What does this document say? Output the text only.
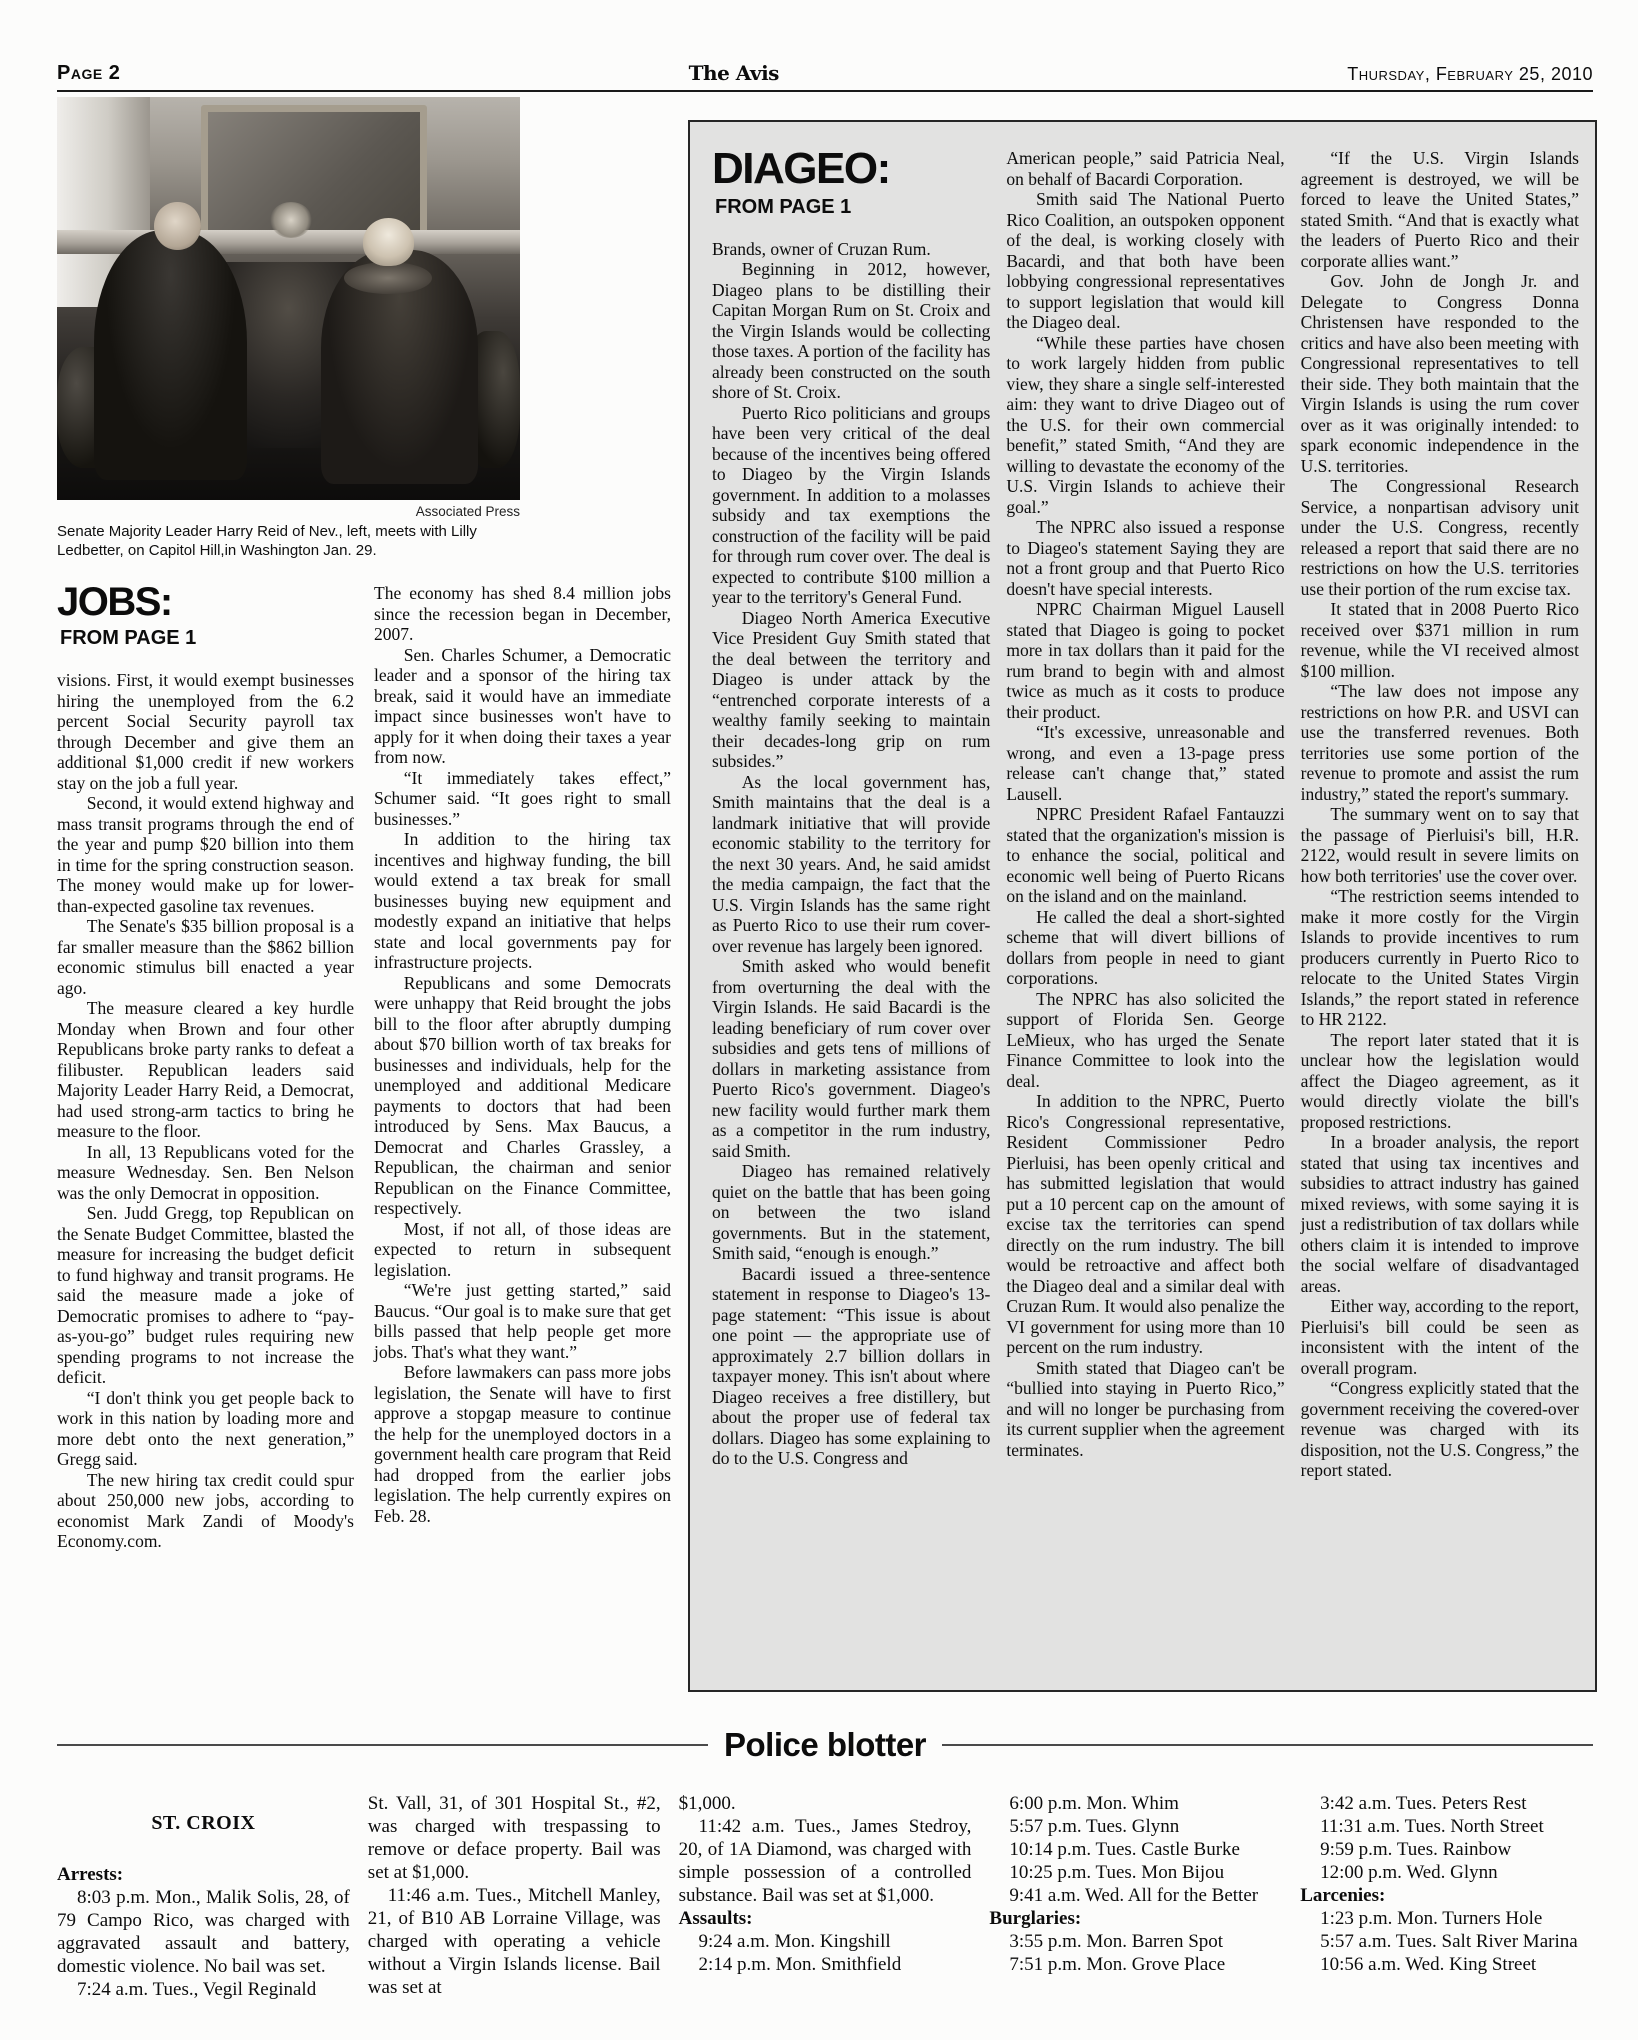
Page 2	The Avis	Thursday, February 25, 2010
Associated Press
Senate Majority Leader Harry Reid of Nev., left, meets with Lilly Ledbetter, on Capitol Hill,in Washington Jan. 29.
JOBS:
FROM PAGE 1

visions. First, it would exempt businesses hiring the unemployed from the 6.2 percent Social Security payroll tax through December and give them an additional $1,000 credit if new workers stay on the job a full year.

Second, it would extend highway and mass transit programs through the end of the year and pump $20 billion into them in time for the spring construction season. The money would make up for lower-than-expected gasoline tax revenues.

The Senate's $35 billion proposal is a far smaller measure than the $862 billion economic stimulus bill enacted a year ago.

The measure cleared a key hurdle Monday when Brown and four other Republicans broke party ranks to defeat a filibuster. Republican leaders said Majority Leader Harry Reid, a Democrat, had used strong-arm tactics to bring he measure to the floor.

In all, 13 Republicans voted for the measure Wednesday. Sen. Ben Nelson was the only Democrat in opposition.

Sen. Judd Gregg, top Republican on the Senate Budget Committee, blasted the measure for increasing the budget deficit to fund highway and transit programs. He said the measure made a joke of Democratic promises to adhere to “pay-as-you-go” budget rules requiring new spending programs to not increase the deficit.

“I don't think you get people back to work in this nation by loading more and more debt onto the next generation,” Gregg said.

The new hiring tax credit could spur about 250,000 new jobs, according to economist Mark Zandi of Moody's Economy.com.

The economy has shed 8.4 million jobs since the recession began in December, 2007.

Sen. Charles Schumer, a Democratic leader and a sponsor of the hiring tax break, said it would have an immediate impact since businesses won't have to apply for it when doing their taxes a year from now.

“It immediately takes effect,” Schumer said. “It goes right to small businesses.”

In addition to the hiring tax incentives and highway funding, the bill would extend a tax break for small businesses buying new equipment and modestly expand an initiative that helps state and local governments pay for infrastructure projects.

Republicans and some Democrats were unhappy that Reid brought the jobs bill to the floor after abruptly dumping about $70 billion worth of tax breaks for businesses and individuals, help for the unemployed and additional Medicare payments to doctors that had been introduced by Sens. Max Baucus, a Democrat and Charles Grassley, a Republican, the chairman and senior Republican on the Finance Committee, respectively.

Most, if not all, of those ideas are expected to return in subsequent legislation.

“We're just getting started,” said Baucus. “Our goal is to make sure that get bills passed that help people get more jobs. That's what they want.”

Before lawmakers can pass more jobs legislation, the Senate will have to first approve a stopgap measure to continue the help for the unemployed doctors in a government health care program that Reid had dropped from the earlier jobs legislation. The help currently expires on Feb. 28.

DIAGEO:
FROM PAGE 1

Brands, owner of Cruzan Rum.

Beginning in 2012, however, Diageo plans to be distilling their Capitan Morgan Rum on St. Croix and the Virgin Islands would be collecting those taxes. A portion of the facility has already been constructed on the south shore of St. Croix.

Puerto Rico politicians and groups have been very critical of the deal because of the incentives being offered to Diageo by the Virgin Islands government. In addition to a molasses subsidy and tax exemptions the construction of the facility will be paid for through rum cover over. The deal is expected to contribute $100 million a year to the territory's General Fund.

Diageo North America Executive Vice President Guy Smith stated that the deal between the territory and Diageo is under attack by the “entrenched corporate interests of a wealthy family seeking to maintain their decades-long grip on rum subsides.”

As the local government has, Smith maintains that the deal is a landmark initiative that will provide economic stability to the territory for the next 30 years. And, he said amidst the media campaign, the fact that the U.S. Virgin Islands has the same right as Puerto Rico to use their rum cover-over revenue has largely been ignored.

Smith asked who would benefit from overturning the deal with the Virgin Islands. He said Bacardi is the leading beneficiary of rum cover over subsidies and gets tens of millions of dollars in marketing assistance from Puerto Rico's government. Diageo's new facility would further mark them as a competitor in the rum industry, said Smith.

Diageo has remained relatively quiet on the battle that has been going on between the two island governments. But in the statement, Smith said, “enough is enough.”

Bacardi issued a three-sentence statement in response to Diageo's 13-page statement: “This issue is about one point — the appropriate use of approximately 2.7 billion dollars in taxpayer money. This isn't about where Diageo receives a free distillery, but about the proper use of federal tax dollars. Diageo has some explaining to do to the U.S. Congress and

American people,” said Patricia Neal, on behalf of Bacardi Corporation.

Smith said The National Puerto Rico Coalition, an outspoken opponent of the deal, is working closely with Bacardi, and that both have been lobbying congressional representatives to support legislation that would kill the Diageo deal.

“While these parties have chosen to work largely hidden from public view, they share a single self-interested aim: they want to drive Diageo out of the U.S. for their own commercial benefit,” stated Smith, “And they are willing to devastate the economy of the U.S. Virgin Islands to achieve their goal.”

The NPRC also issued a response to Diageo's statement Saying they are not a front group and that Puerto Rico doesn't have special interests.

NPRC Chairman Miguel Lausell stated that Diageo is going to pocket more in tax dollars than it paid for the rum brand to begin with and almost twice as much as it costs to produce their product.

“It's excessive, unreasonable and wrong, and even a 13-page press release can't change that,” stated Lausell.

NPRC President Rafael Fantauzzi stated that the organization's mission is to enhance the social, political and economic well being of Puerto Ricans on the island and on the mainland.

He called the deal a short-sighted scheme that will divert billions of dollars from people in need to giant corporations.

The NPRC has also solicited the support of Florida Sen. George LeMieux, who has urged the Senate Finance Committee to look into the deal.

In addition to the NPRC, Puerto Rico's Congressional representative, Resident Commissioner Pedro Pierluisi, has been openly critical and has submitted legislation that would put a 10 percent cap on the amount of excise tax the territories can spend directly on the rum industry. The bill would be retroactive and affect both the Diageo deal and a similar deal with Cruzan Rum. It would also penalize the VI government for using more than 10 percent on the rum industry.

Smith stated that Diageo can't be “bullied into staying in Puerto Rico,” and will no longer be purchasing from its current supplier when the agreement terminates.

“If the U.S. Virgin Islands agreement is destroyed, we will be forced to leave the United States,” stated Smith. “And that is exactly what the leaders of Puerto Rico and their corporate allies want.”

Gov. John de Jongh Jr. and Delegate to Congress Donna Christensen have responded to the critics and have also been meeting with Congressional representatives to tell their side. They both maintain that the Virgin Islands is using the rum cover over as it was originally intended: to spark economic independence in the U.S. territories.

The Congressional Research Service, a nonpartisan advisory unit under the U.S. Congress, recently released a report that said there are no restrictions on how the U.S. territories use their portion of the rum excise tax.

It stated that in 2008 Puerto Rico received over $371 million in rum revenue, while the VI received almost $100 million.

“The law does not impose any restrictions on how P.R. and USVI can use the transferred revenues. Both territories use some portion of the revenue to promote and assist the rum industry,” stated the report's summary.

The summary went on to say that the passage of Pierluisi's bill, H.R. 2122, would result in severe limits on how both territories' use the cover over.

“The restriction seems intended to make it more costly for the Virgin Islands to provide incentives to rum producers currently in Puerto Rico to relocate to the United States Virgin Islands,” the report stated in reference to HR 2122.

The report later stated that it is unclear how the legislation would affect the Diageo agreement, as it would directly violate the bill's proposed restrictions.

In a broader analysis, the report stated that using tax incentives and subsidies to attract industry has gained mixed reviews, with some saying it is just a redistribution of tax dollars while others claim it is intended to improve the social welfare of disadvantaged areas.

Either way, according to the report, Pierluisi's bill could be seen as inconsistent with the intent of the overall program.

“Congress explicitly stated that the government receiving the covered-over revenue was charged with its disposition, not the U.S. Congress,” the report stated.

Police blotter

ST. CROIX

Arrests:

8:03 p.m. Mon., Malik Solis, 28, of 79 Campo Rico, was charged with aggravated assault and battery, domestic violence. No bail was set.

7:24 a.m. Tues., Vegil Reginald

St. Vall, 31, of 301 Hospital St., #2, was charged with trespassing to remove or deface property. Bail was set at $1,000.

11:46 a.m. Tues., Mitchell Manley, 21, of B10 AB Lorraine Village, was charged with operating a vehicle without a Virgin Islands license. Bail was set at

$1,000.

11:42 a.m. Tues., James Stedroy, 20, of 1A Diamond, was charged with simple possession of a controlled substance. Bail was set at $1,000.

Assaults:

9:24 a.m. Mon. Kingshill

2:14 p.m. Mon. Smithfield

6:00 p.m. Mon. Whim

5:57 p.m. Tues. Glynn

10:14 p.m. Tues. Castle Burke

10:25 p.m. Tues. Mon Bijou

9:41 a.m. Wed. All for the Better

Burglaries:

3:55 p.m. Mon. Barren Spot

7:51 p.m. Mon. Grove Place

3:42 a.m. Tues. Peters Rest

11:31 a.m. Tues. North Street

9:59 p.m. Tues. Rainbow

12:00 p.m. Wed. Glynn

Larcenies:

1:23 p.m. Mon. Turners Hole

5:57 a.m. Tues. Salt River Marina

10:56 a.m. Wed. King Street
